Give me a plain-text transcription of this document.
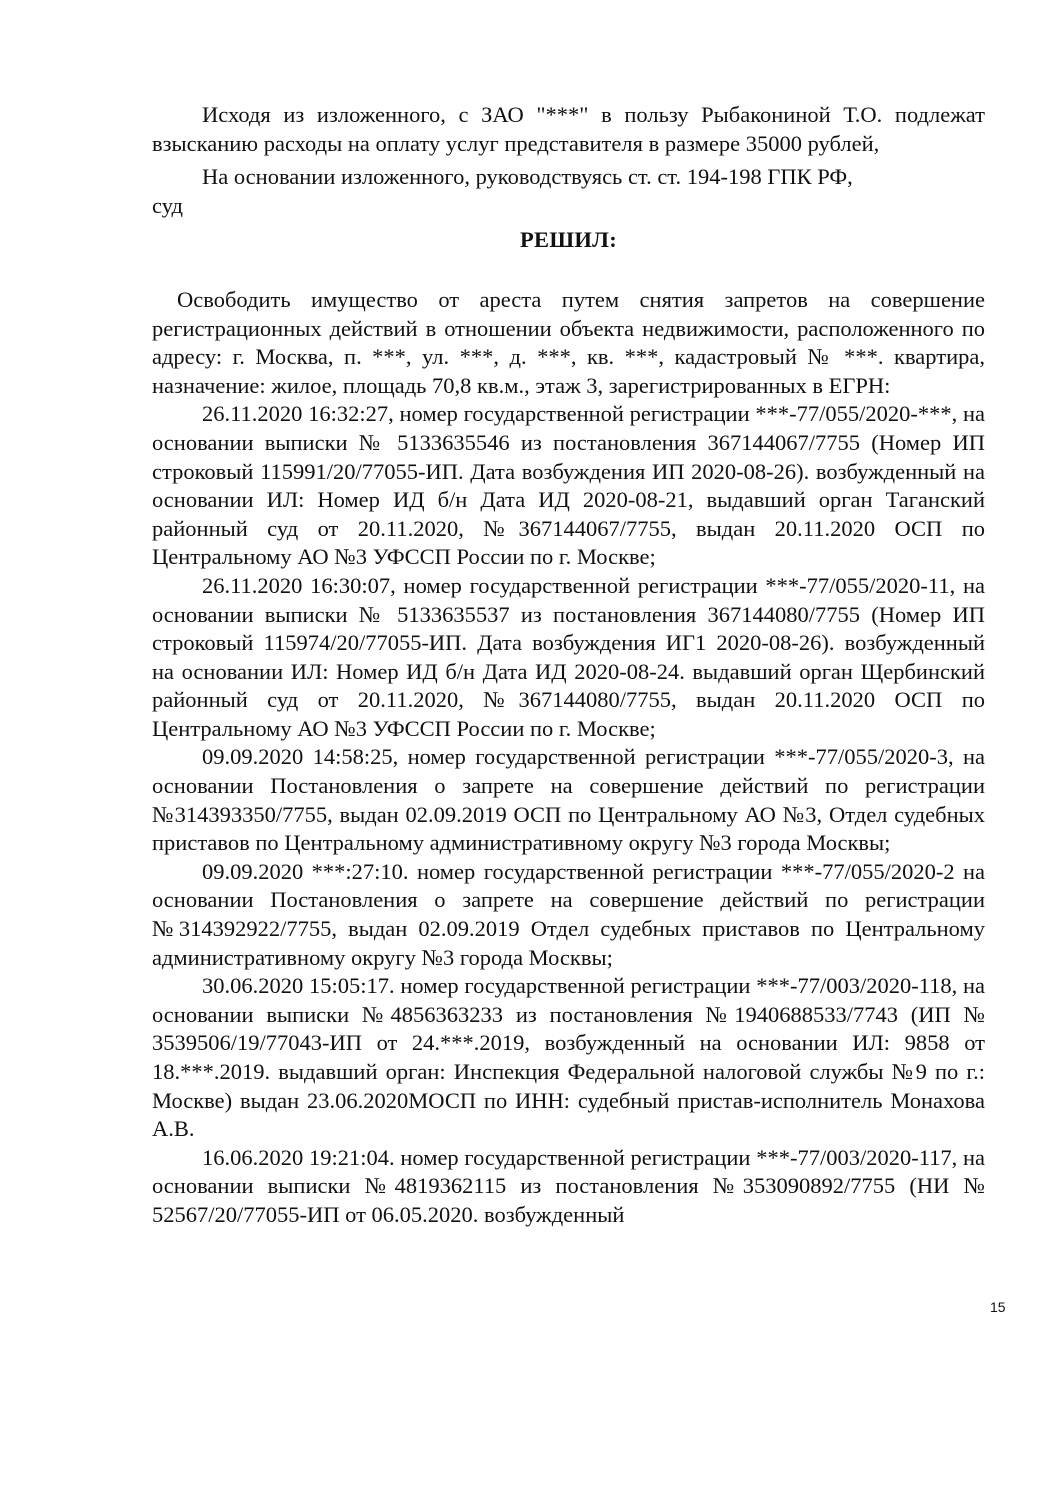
Исходя из изложенного, с ЗАО "***" в пользу Рыбакониной Т.О. подлежат взысканию расходы на оплату услуг представителя в размере 35000 рублей,

На основании изложенного, руководствуясь ст. ст. 194-198 ГПК РФ,

суд

РЕШИЛ:

Освободить имущество от ареста путем снятия запретов на совершение регистрационных действий в отношении объекта недвижимости, расположенного по адресу: г. Москва, п. ***, ул. ***, д. ***, кв. ***, кадастровый № ***. квартира, назначение: жилое, площадь 70,8 кв.м., этаж 3, зарегистрированных в ЕГРН:

26.11.2020 16:32:27, номер государственной регистрации ***-77/055/2020-***, на основании выписки № 5133635546 из постановления 367144067/7755 (Номер ИП строковый 115991/20/77055-ИП. Дата возбуждения ИП 2020-08-26). возбужденный на основании ИЛ: Номер ИД б/н Дата ИД 2020-08-21, выдавший орган Таганский районный суд от 20.11.2020, №367144067/7755, выдан 20.11.2020 ОСП по Центральному АО №3 УФССП России по г. Москве;

26.11.2020 16:30:07, номер государственной регистрации ***-77/055/2020-11, на основании выписки № 5133635537 из постановления 367144080/7755 (Номер ИП строковый 115974/20/77055-ИП. Дата возбуждения ИГ1 2020-08-26). возбужденный на основании ИЛ: Номер ИД б/н Дата ИД 2020-08-24. выдавший орган Щербинский районный суд от 20.11.2020, №367144080/7755, выдан 20.11.2020 ОСП по Центральному АО №3 УФССП России по г. Москве;

09.09.2020 14:58:25, номер государственной регистрации ***-77/055/2020-3, на основании Постановления о запрете на совершение действий по регистрации №314393350/7755, выдан 02.09.2019 ОСП по Центральному АО №3, Отдел судебных приставов по Центральному административному округу №3 города Москвы;

09.09.2020 ***:27:10. номер государственной регистрации ***-77/055/2020-2 на основании Постановления о запрете на совершение действий по регистрации №314392922/7755, выдан 02.09.2019 Отдел судебных приставов по Центральному административному округу №3 города Москвы;

30.06.2020 15:05:17. номер государственной регистрации ***-77/003/2020-118, на основании выписки №4856363233 из постановления №1940688533/7743 (ИП № 3539506/19/77043-ИП от 24.***.2019, возбужденный на основании ИЛ: 9858 от 18.***.2019. выдавший орган: Инспекция Федеральной налоговой службы №9 по г.: Москве) выдан 23.06.2020МОСП по ИНН: судебный пристав-исполнитель Монахова А.В.

16.06.2020 19:21:04. номер государственной регистрации ***-77/003/2020-117, на основании выписки №4819362115 из постановления №353090892/7755 (НИ № 52567/20/77055-ИП от 06.05.2020. возбужденный

15
